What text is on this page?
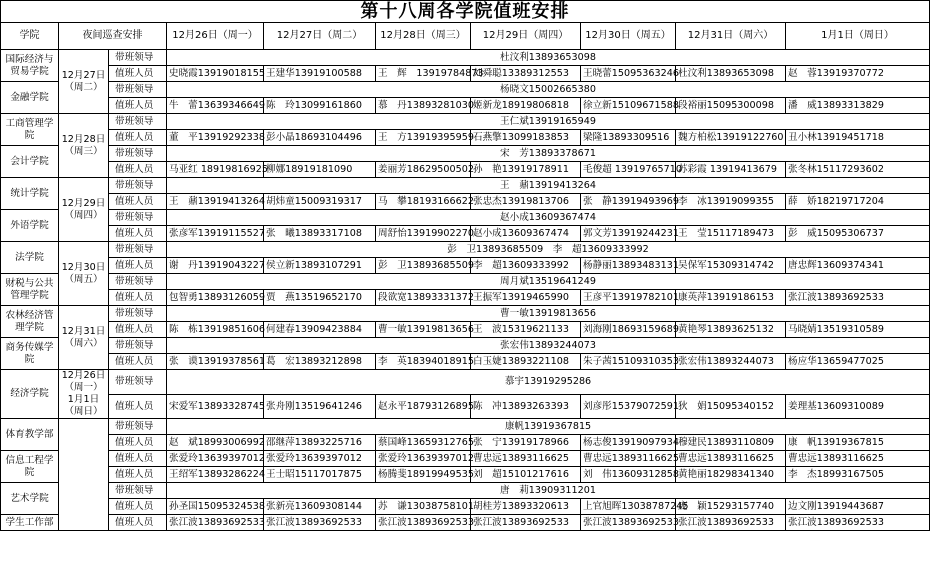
第十八周各学院值班安排
学院	夜间巡查安排		12月26日（周一）	12月27日（周二）	12月28日（周三）	12月29日（周四）	12月30日（周五）	12月31日（周六）	1月1日（周日）
国际经济与贸易学院	12月27日（周二）	带班领导	杜汶利13893653098						
		值班人员	史晓霞13919018155	王建华13919100588	王　辉　13919784873	刘舜聪13389312553	王晓蕾15095363246	杜汶利13893653098	赵　蓉13919370772
金融学院		带班领导	杨晓文15002665380						
		值班人员	牛　蕾13639346649	陈　玲13099161860	慕　丹13893281030	姬新龙18919806818	徐立新15109671588	段裕丽15095300098	潘　威13893313829
工商管理学院	12月28日（周三）	带班领导	王仁斌13919165949						
		值班人员	董　平13919292338	彭小晶18693104496	王　方13919395959	石燕擎13099183853	梁隆13893309516	魏方柏松13919122760	丑小林13919451718
会计学院		带班领导	宋　芳13893378671						
		值班人员	马亚红 18919816925	柳娜18919181090	姜丽芳18629500502	孙　艳13919178911	毛俊超 13919765710	苏彩霞 13919413679	张冬林15117293602
统计学院	12月29日（周四）	带班领导	王　鼐13919413264						
		值班人员	王　鼐13919413264	胡炜童15009319317	马　攀18193166622	张忠杰13919813706	张　静13919493969	李　冰13919099355	薛　娇18219717204
外语学院		带班领导	赵小成13609367474						
		值班人员	张彦军13919115527	张　曦13893317108	周舒怡13919902270	赵小成13609367474	郭文芳13919244231	王　莹15117189473	彭　威15095306737
法学院	12月30日（周五）	带班领导	彭　卫13893685509　李　超13609333992						
		值班人员	谢　丹13919043227	侯立新13893107291	彭　卫13893685509	李　超13609333992	杨静丽13893483131	吴保军15309314742	唐忠辉13609374341
财税与公共管理学院		带班领导	周月斌13519641249						
		值班人员	包智勇13893126059	贾　燕13519652170	段欲宽13893331372	王振军13919465990	王彦平13919782101	康英萍13919186153	张江波13893692533
农林经济管理学院	12月31日（周六）	带班领导	曹一敏13919813656						
		值班人员	陈　栋13919851606	何建春13909423884	曹一敏13919813656	王　波15319621133	刘海刚18693159689	黄艳琴13893625132	马晓婧13519310589
商务传媒学院		带班领导	张宏伟13893244073						
		值班人员	张　谟13919378561	葛　宏13893212898	李　英18394018915	白玉婕13893221108	朱子茜15109310353	张宏伟13893244073	杨应华13659477025
经济学院	12月26日（周一） 1月1日（周日）	带班领导	慕宇13919295286						
		值班人员	宋爱军13893328745	张舟刚13519641246	赵永平18793126895	陈　冲13893263393	刘彦彤15379072591	狄　娟15095340152	姜理基13609310089
体育教学部		带班领导	康帆13919367815						
		值班人员	赵　斌18993006992	邵继萍13893225716	蔡国峰13659312765	张　宁13919178966	杨志俊13919097934	穆建民13893110809	康　帆13919367815
信息工程学院		值班人员	张爱玲13639397012	张爱玲13639397012	张爱玲13639397012	曹忠远13893116625	曹忠远13893116625	曹忠远13893116625	曹忠远13893116625
		值班人员	王绍军13893286224	王士昭15117017875	杨腾斐18919949535	刘　超15101217616	刘　伟13609312858	黄艳丽18298341340	李　杰18993167505
艺术学院		带班领导	唐　莉13909311201						
		值班人员	孙圣国15095324538	张新亮13609308144	苏　谦13038758101	胡桂芳13893320613	上官旭晖13038787245	庞　颖15293157740	边文刚13919443687
学生工作部		值班人员	张江波13893692533	张江波13893692533	张江波13893692533	张江波13893692533	张江波13893692533	张江波13893692533	张江波13893692533
